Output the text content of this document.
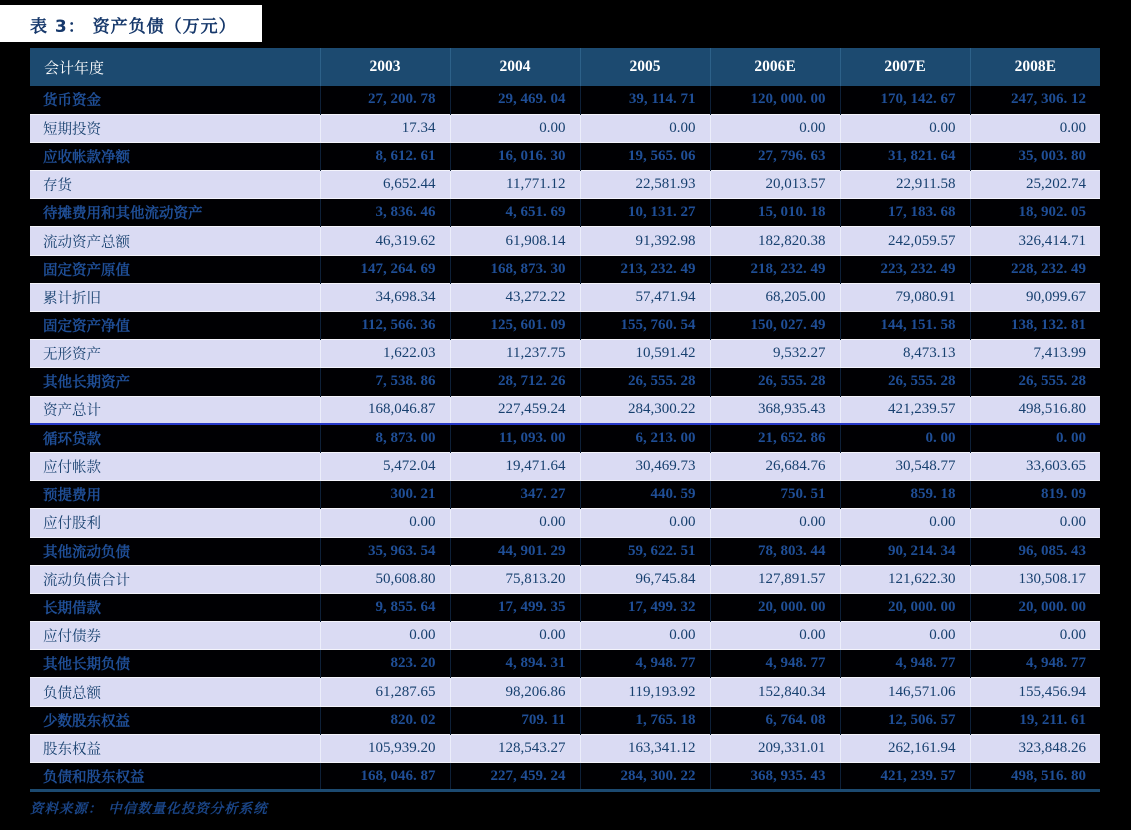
表 3： 资产负债（万元）
会计年度	2003	2004	2005	2006E	2007E	2008E
货币资金	27, 200. 78	29, 469. 04	39, 114. 71	120, 000. 00	170, 142. 67	247, 306. 12
短期投资	17.34	0.00	0.00	0.00	0.00	0.00
应收帐款净额	8, 612. 61	16, 016. 30	19, 565. 06	27, 796. 63	31, 821. 64	35, 003. 80
存货	6,652.44	11,771.12	22,581.93	20,013.57	22,911.58	25,202.74
待摊费用和其他流动资产	3, 836. 46	4, 651. 69	10, 131. 27	15, 010. 18	17, 183. 68	18, 902. 05
流动资产总额	46,319.62	61,908.14	91,392.98	182,820.38	242,059.57	326,414.71
固定资产原值	147, 264. 69	168, 873. 30	213, 232. 49	218, 232. 49	223, 232. 49	228, 232. 49
累计折旧	34,698.34	43,272.22	57,471.94	68,205.00	79,080.91	90,099.67
固定资产净值	112, 566. 36	125, 601. 09	155, 760. 54	150, 027. 49	144, 151. 58	138, 132. 81
无形资产	1,622.03	11,237.75	10,591.42	9,532.27	8,473.13	7,413.99
其他长期资产	7, 538. 86	28, 712. 26	26, 555. 28	26, 555. 28	26, 555. 28	26, 555. 28
资产总计	168,046.87	227,459.24	284,300.22	368,935.43	421,239.57	498,516.80
循环贷款	8, 873. 00	11, 093. 00	6, 213. 00	21, 652. 86	0. 00	0. 00
应付帐款	5,472.04	19,471.64	30,469.73	26,684.76	30,548.77	33,603.65
预提费用	300. 21	347. 27	440. 59	750. 51	859. 18	819. 09
应付股利	0.00	0.00	0.00	0.00	0.00	0.00
其他流动负债	35, 963. 54	44, 901. 29	59, 622. 51	78, 803. 44	90, 214. 34	96, 085. 43
流动负债合计	50,608.80	75,813.20	96,745.84	127,891.57	121,622.30	130,508.17
长期借款	9, 855. 64	17, 499. 35	17, 499. 32	20, 000. 00	20, 000. 00	20, 000. 00
应付债券	0.00	0.00	0.00	0.00	0.00	0.00
其他长期负债	823. 20	4, 894. 31	4, 948. 77	4, 948. 77	4, 948. 77	4, 948. 77
负债总额	61,287.65	98,206.86	119,193.92	152,840.34	146,571.06	155,456.94
少数股东权益	820. 02	709. 11	1, 765. 18	6, 764. 08	12, 506. 57	19, 211. 61
股东权益	105,939.20	128,543.27	163,341.12	209,331.01	262,161.94	323,848.26
负债和股东权益	168, 046. 87	227, 459. 24	284, 300. 22	368, 935. 43	421, 239. 57	498, 516. 80
资料来源： 中信数量化投资分析系统
